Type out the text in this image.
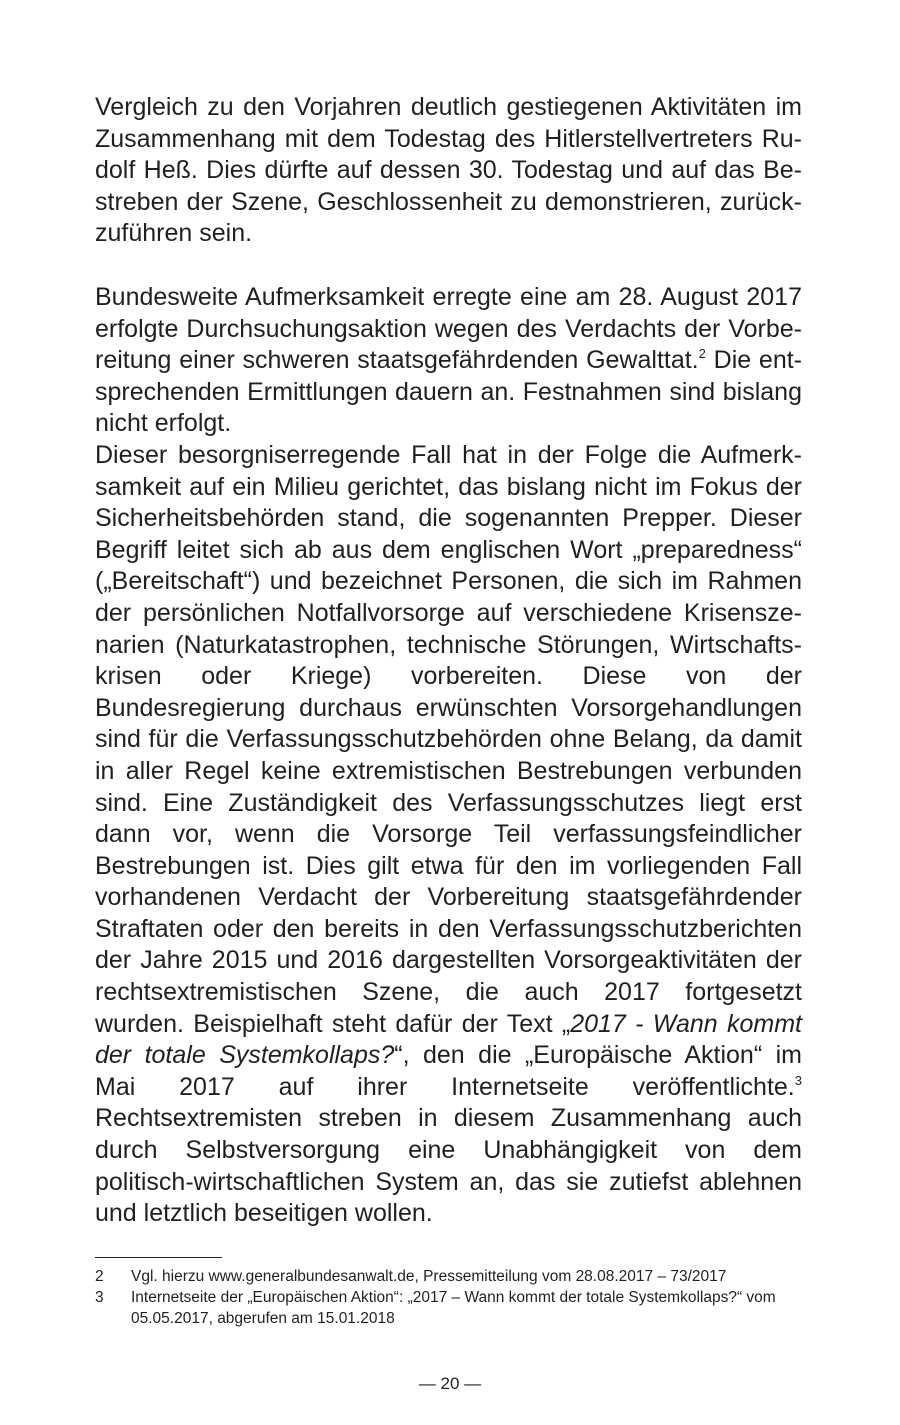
Vergleich zu den Vorjahren deutlich gestiegenen Aktivitäten im Zusammenhang mit dem Todestag des Hitlerstellvertreters Rudolf Heß. Dies dürfte auf dessen 30. Todestag und auf das Bestreben der Szene, Geschlossenheit zu demonstrieren, zurückzuführen sein.

Bundesweite Aufmerksamkeit erregte eine am 28. August 2017 erfolgte Durchsuchungsaktion wegen des Verdachts der Vorbereitung einer schweren staatsgefährdenden Gewalttat.$^2$ Die entsprechenden Ermittlungen dauern an. Festnahmen sind bislang nicht erfolgt.

Dieser besorgniserregende Fall hat in der Folge die Aufmerksamkeit auf ein Milieu gerichtet, das bislang nicht im Fokus der Sicherheitsbehörden stand, die sogenannten Prepper. Dieser Begriff leitet sich ab aus dem englischen Wort „preparedness“ („Bereitschaft“) und bezeichnet Personen, die sich im Rahmen der persönlichen Notfallvorsorge auf verschiedene Krisenszenarien (Naturkatastrophen, technische Störungen, Wirtschaftskrisen oder Kriege) vorbereiten. Diese von der Bundesregierung durchaus erwünschten Vorsorgehandlungen sind für die Verfassungsschutzbehörden ohne Belang, da damit in aller Regel keine extremistischen Bestrebungen verbunden sind. Eine Zuständigkeit des Verfassungsschutzes liegt erst dann vor, wenn die Vorsorge Teil verfassungsfeindlicher Bestrebungen ist. Dies gilt etwa für den im vorliegenden Fall vorhandenen Verdacht der Vorbereitung staatsgefährdender Straftaten oder den bereits in den Verfassungsschutzberichten der Jahre 2015 und 2016 dargestellten Vorsorgeaktivitäten der rechtsextremistischen Szene, die auch 2017 fortgesetzt wurden. Beispielhaft steht dafür der Text „2017 - Wann kommt der totale Systemkollaps?“, den die „Europäische Aktion“ im Mai 2017 auf ihrer Internetseite veröffentlichte.$^3$ Rechtsextremisten streben in diesem Zusammenhang auch durch Selbstversorgung eine Unabhängigkeit von dem politisch-wirtschaftlichen System an, das sie zutiefst ablehnen und letztlich beseitigen wollen.

2	Vgl. hierzu www.generalbundesanwalt.de, Pressemitteilung vom 28.08.2017 – 73/2017
3	Internetseite der „Europäischen Aktion“: „2017 – Wann kommt der totale Systemkollaps?“ vom 05.05.2017, abgerufen am 15.01.2018
— 20 —
